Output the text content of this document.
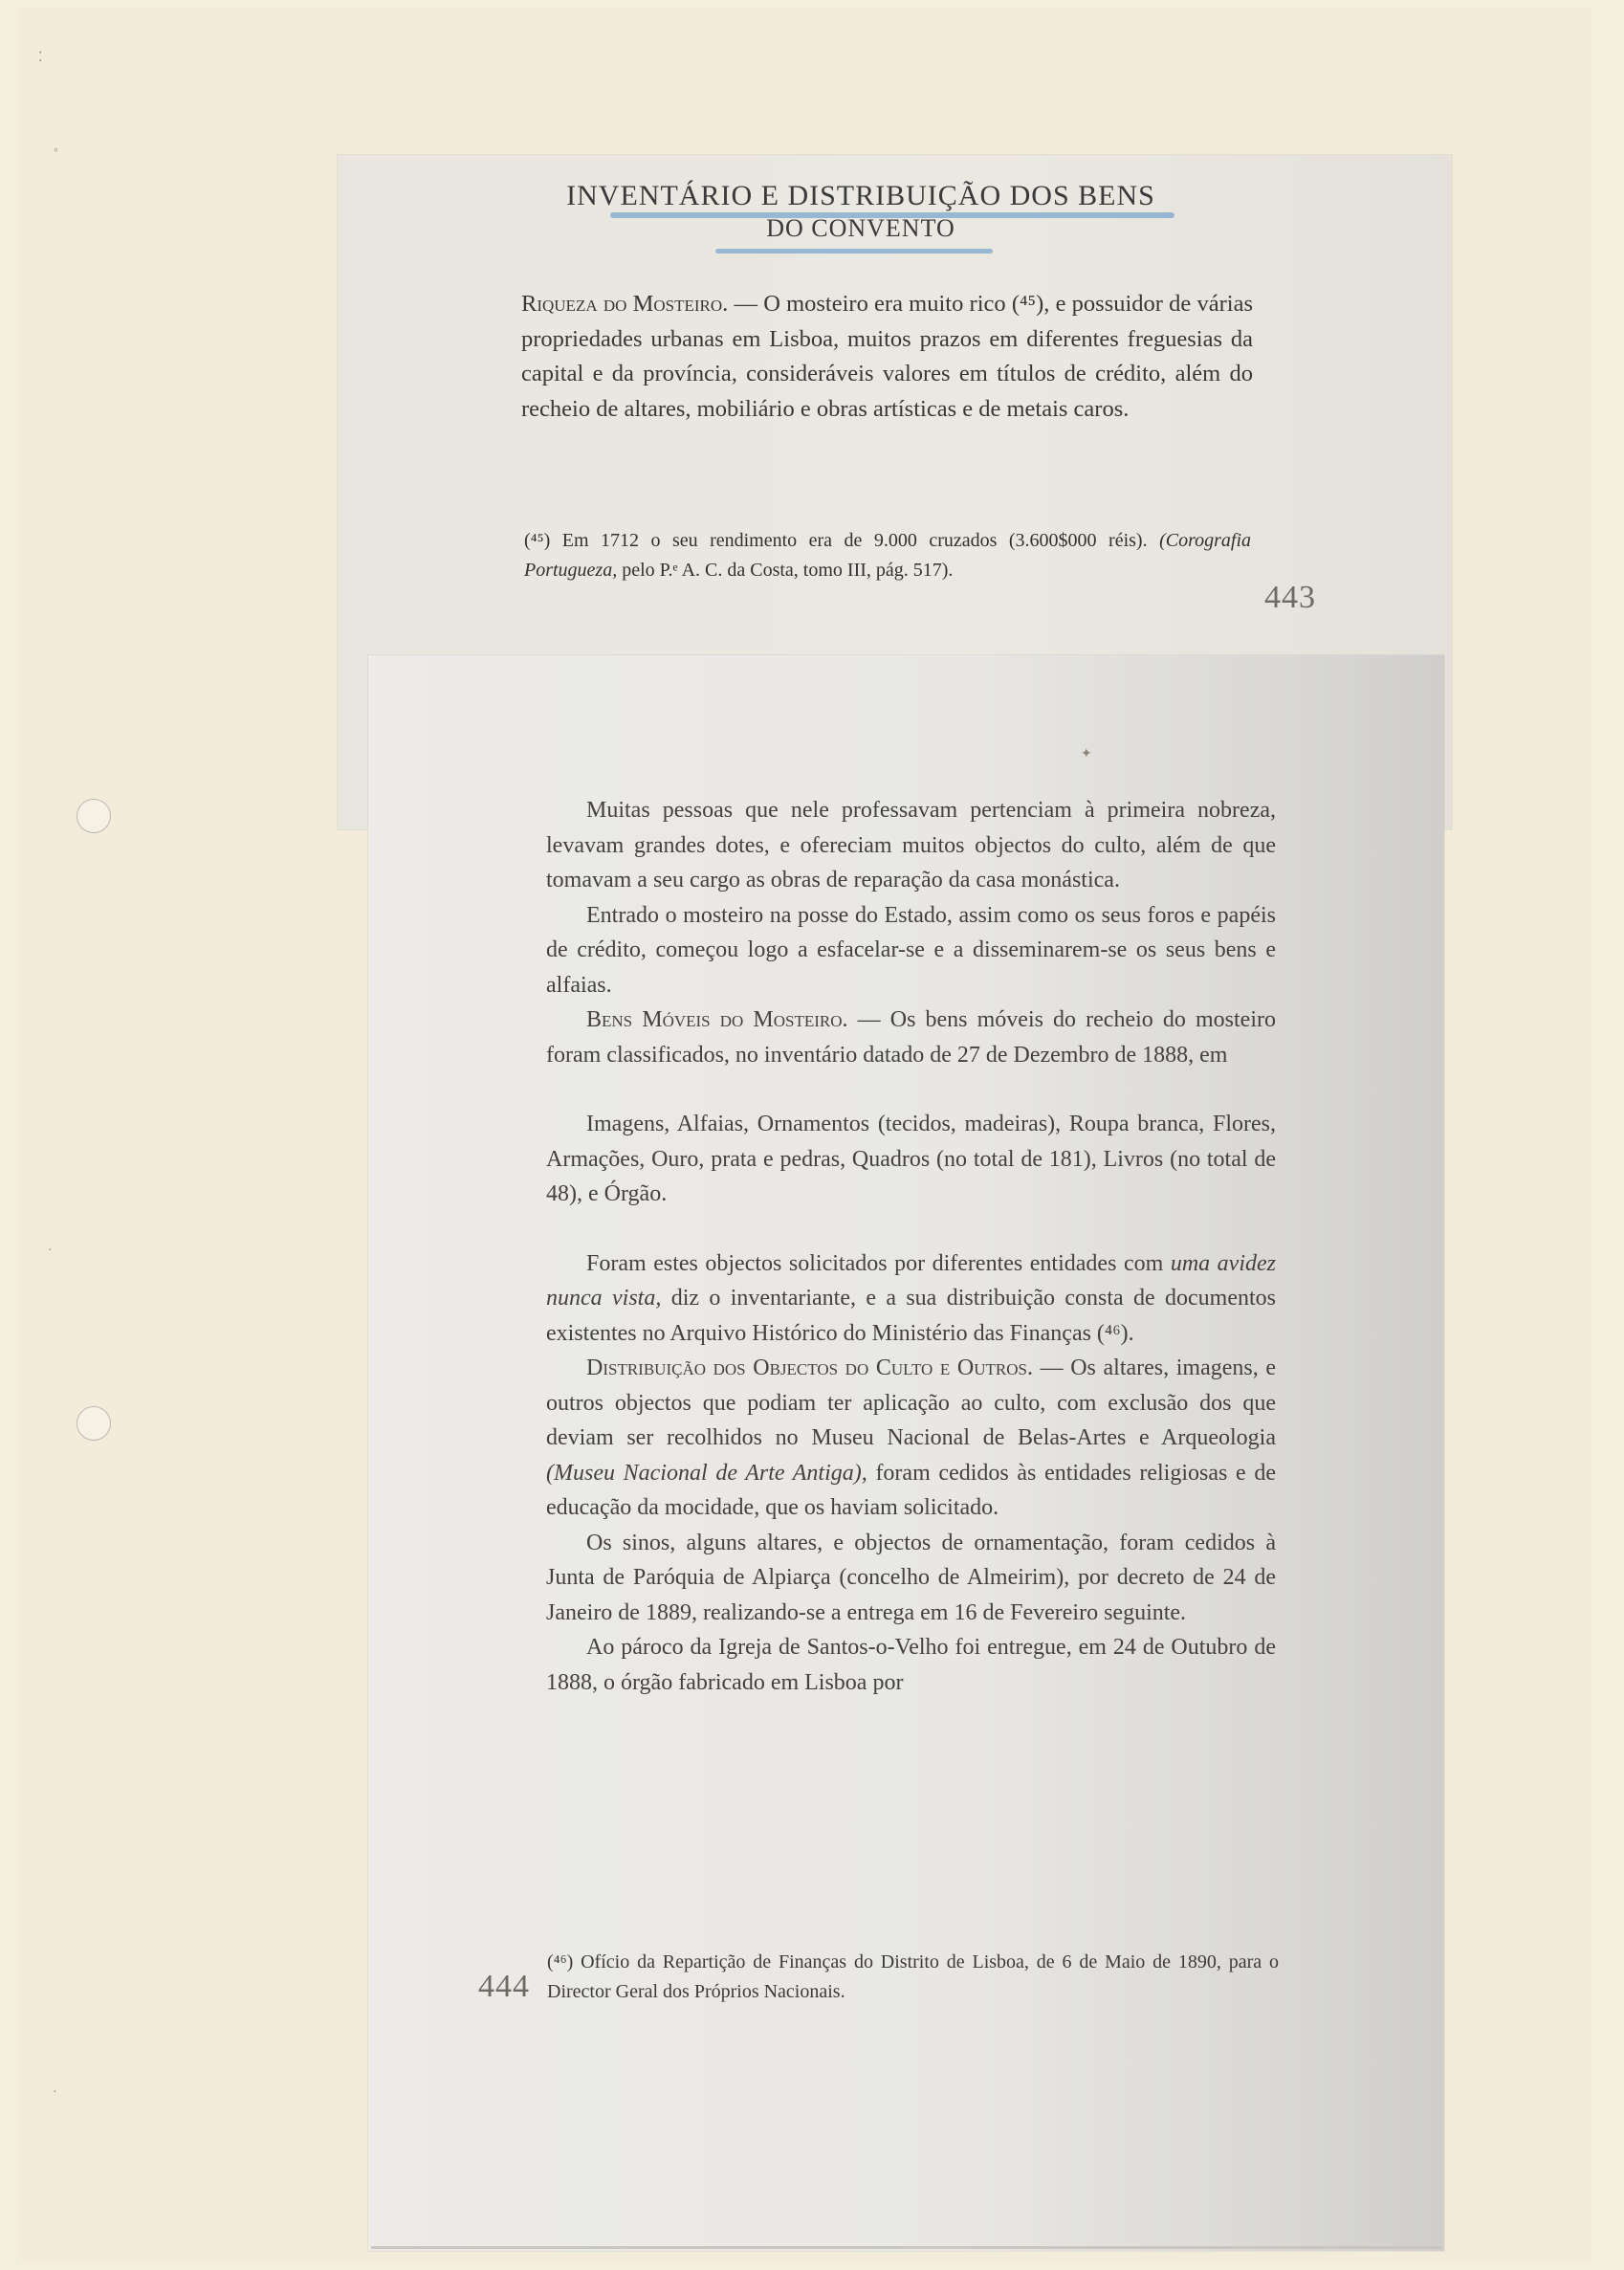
INVENTÁRIO E DISTRIBUIÇÃO DOS BENS
DO CONVENTO
Riqueza do Mosteiro. — O mosteiro era muito rico (⁴⁵), e possuidor de várias propriedades urbanas em Lisboa, muitos prazos em diferentes freguesias da capital e da província, consideráveis valores em títulos de crédito, além do recheio de altares, mobiliário e obras artísticas e de metais caros.
(⁴⁵) Em 1712 o seu rendimento era de 9.000 cruzados (3.600$000 réis). (Corografia Portugueza, pelo P.ᵉ A. C. da Costa, tomo III, pág. 517).
443

Muitas pessoas que nele professavam pertenciam à primeira nobreza, levavam grandes dotes, e ofereciam muitos objectos do culto, além de que tomavam a seu cargo as obras de reparação da casa monástica.

Entrado o mosteiro na posse do Estado, assim como os seus foros e papéis de crédito, começou logo a esfacelar-se e a disseminarem-se os seus bens e alfaias.

Bens Móveis do Mosteiro. — Os bens móveis do recheio do mosteiro foram classificados, no inventário datado de 27 de Dezembro de 1888, em

Imagens, Alfaias, Ornamentos (tecidos, madeiras), Roupa branca, Flores, Armações, Ouro, prata e pedras, Quadros (no total de 181), Livros (no total de 48), e Órgão.

Foram estes objectos solicitados por diferentes entidades com uma avidez nunca vista, diz o inventariante, e a sua distribuição consta de documentos existentes no Arquivo Histórico do Ministério das Finanças (⁴⁶).

Distribuição dos Objectos do Culto e Outros. — Os altares, imagens, e outros objectos que podiam ter aplicação ao culto, com exclusão dos que deviam ser recolhidos no Museu Nacional de Belas-Artes e Arqueologia (Museu Nacional de Arte Antiga), foram cedidos às entidades religiosas e de educação da mocidade, que os haviam solicitado.

Os sinos, alguns altares, e objectos de ornamentação, foram cedidos à Junta de Paróquia de Alpiarça (concelho de Almeirim), por decreto de 24 de Janeiro de 1889, realizando-se a entrega em 16 de Fevereiro seguinte.

Ao pároco da Igreja de Santos-o-Velho foi entregue, em 24 de Outubro de 1888, o órgão fabricado em Lisboa por

(⁴⁶) Ofício da Repartição de Finanças do Distrito de Lisboa, de 6 de Maio de 1890, para o Director Geral dos Próprios Nacionais.
444
⁚
◦
·
·
✦
